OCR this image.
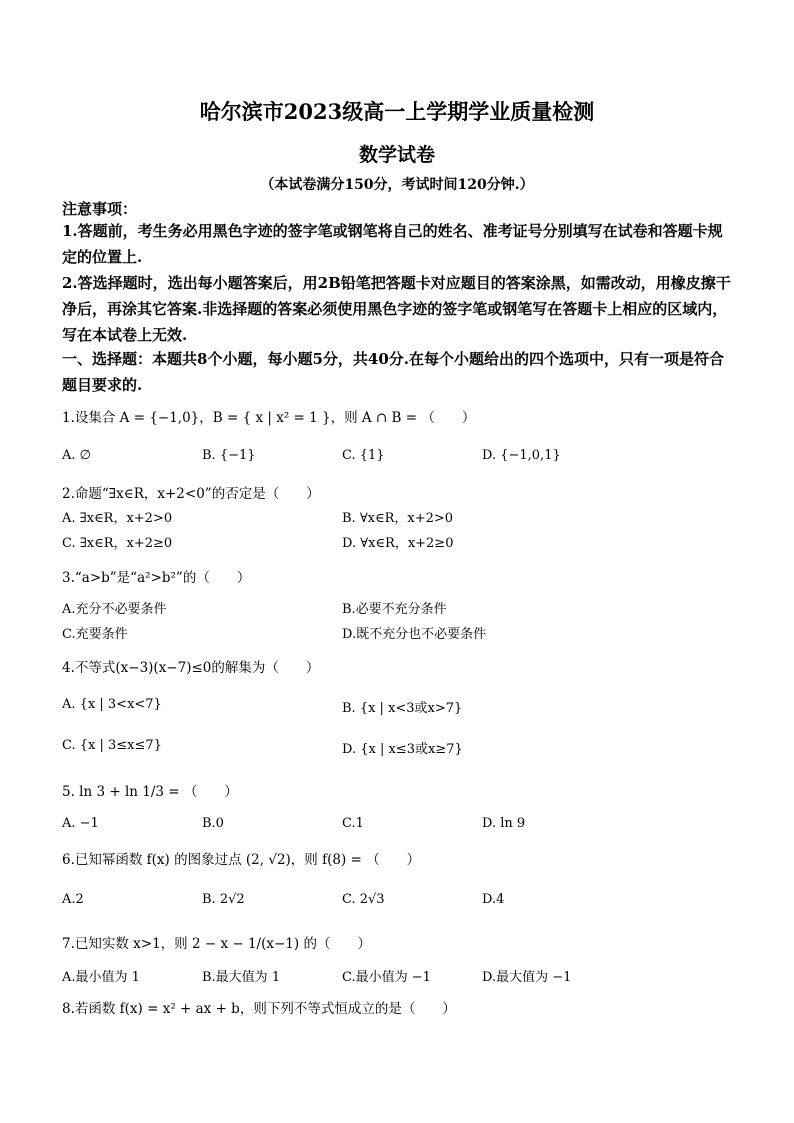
哈尔滨市2023级高一上学期学业质量检测
数学试卷
（本试卷满分150分，考试时间120分钟.）
注意事项：
1.答题前，考生务必用黑色字迹的签字笔或钢笔将自己的姓名、准考证号分别填写在试卷和答题卡规定的位置上.
2.答选择题时，选出每小题答案后，用2B铅笔把答题卡对应题目的答案涂黑，如需改动，用橡皮擦干净后，再涂其它答案.非选择题的答案必须使用黑色字迹的签字笔或钢笔写在答题卡上相应的区域内，写在本试卷上无效.
一、选择题：本题共8个小题，每小题5分，共40分.在每个小题给出的四个选项中，只有一项是符合题目要求的.
1.设集合 A = {−1,0}，B = { x | x² = 1 }，则 A ∩ B = （　　）
A. ∅	B. {−1}	C. {1}	D. {−1,0,1}
2.命题“∃x∈R，x+2<0”的否定是（　　）
A. ∃x∈R，x+2>0	B. ∀x∈R，x+2>0
C. ∃x∈R，x+2≥0	D. ∀x∈R，x+2≥0
3.“a>b”是“a²>b²”的（　　）
A.充分不必要条件	B.必要不充分条件
C.充要条件	D.既不充分也不必要条件
4.不等式(x−3)(x−7)≤0的解集为（　　）
A. {x | 3<x<7}	B. {x | x<3或x>7}
C. {x | 3≤x≤7}	D. {x | x≤3或x≥7}
5. ln 3 + ln 1/3 = （　　）
A. −1	B.0	C.1	D. ln 9
6.已知幂函数 f(x) 的图象过点 (2, √2)，则 f(8) = （　　）
A.2	B. 2√2	C. 2√3	D.4
7.已知实数 x>1，则 2 − x − 1/(x−1) 的（　　）
A.最小值为 1	B.最大值为 1	C.最小值为 −1	D.最大值为 −1
8.若函数 f(x) = x² + ax + b，则下列不等式恒成立的是（　　）
